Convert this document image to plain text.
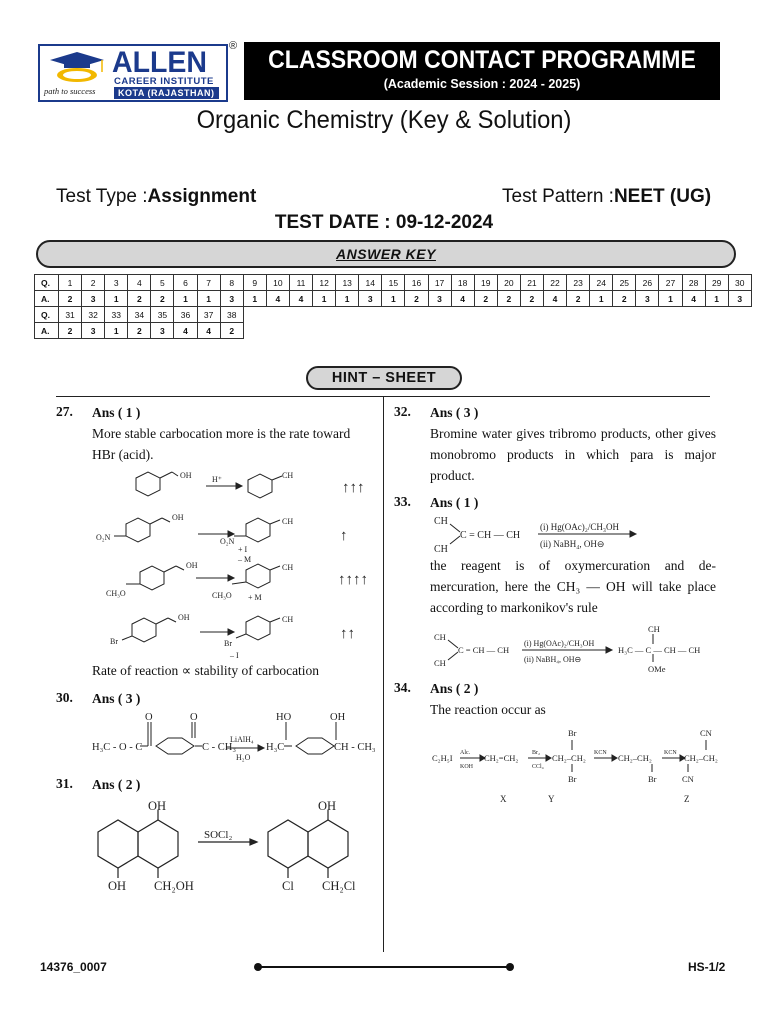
ALLEN
CAREER INSTITUTE
KOTA (RAJASTHAN)
path to success
® CLASSROOM CONTACT PROGRAMME
(Academic Session : 2024 - 2025)
Organic Chemistry (Key & Solution)
Test Type :Assignment	Test Pattern :NEET (UG)
TEST DATE : 09-12-2024
ANSWER KEY
Q.	1	2	3	4	5	6	7	8	9	10	11	12	13	14	15	16	17	18	19	20	21	22	23	24	25	26	27	28	29	30
A.	2	3	1	2	2	1	1	3	1	4	4	1	1	3	1	2	3	4	2	2	2	4	2	1	2	3	1	4	1	3
Q.	31	32	33	34	35	36	37	38																						
A.	2	3	1	2	3	4	4	2																						
HINT – SHEET
27. Ans ( 1 )
More stable carbocation more is the rate toward HBr (acid).
OH	H⁺	CH
OH
O₂N
CH
O₂N
+ I
– M
OH
CH₃O
CH
CH₃O + M
OH
Br
CH
Br
– I
↑↑↑
↑
↑↑↑↑
↑↑
Rate of reaction ∝ stability of carbocation
30. Ans ( 3 )
H₃C - O - C
O	O
C - CH₃
LiAlH₄
H₂O
H₃C
HO	OH
CH - CH₃
31. Ans ( 2 )
OH
OH CH₂OH
SOCl₂
OH
Cl CH₂Cl
32. Ans ( 3 )
Bromine water gives tribromo products, other gives monobromo products in which para is major product.
33. Ans ( 1 )
CH
CH
C = CH — CH
(i) Hg(OAc)₂/CH₃OH
(ii) NaBH₄, OH⊖
the reagent is of oxymercuration and de-mercuration, here the CH₃ — OH will take place according to markonikov's rule
CH
CH
C = CH — CH
(i) Hg(OAc)₂/CH₃OH
(ii) NaBH₄, OH⊖
CH
H₃C — C — CH — CH
OMe
34. Ans ( 2 )
The reaction occur as
C₂H₅I Alc.
KOH
CH₂=CH₂ Br₂
CCl₄
Br
CH₂–CH₂
Br
KCN CH₂–CH₂
Br
KCN
CN
CH₂–CH₂
CN
X	Y	Z
14376_0007	HS-1/2
